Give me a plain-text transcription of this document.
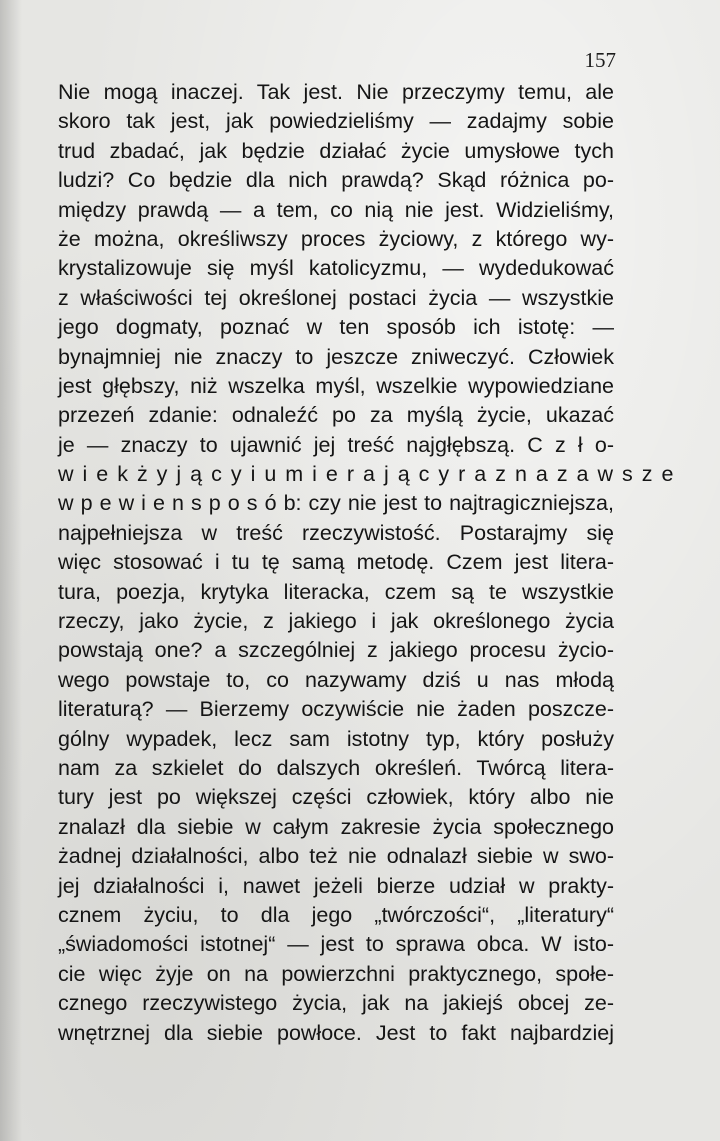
157

Nie mogą inaczej. Tak jest. Nie przeczymy temu, ale
skoro tak jest, jak powiedzieliśmy — zadajmy sobie
trud zbadać, jak będzie działać życie umysłowe tych
ludzi? Co będzie dla nich prawdą? Skąd różnica po-
między prawdą — a tem, co nią nie jest. Widzieliśmy,
że można, określiwszy proces życiowy, z którego wy-
krystalizowuje się myśl katolicyzmu, — wydedukować
z właściwości tej określonej postaci życia — wszystkie
jego dogmaty, poznać w ten sposób ich istotę: —
bynajmniej nie znaczy to jeszcze zniweczyć. Człowiek
jest głębszy, niż wszelka myśl, wszelkie wypowiedziane
przezeń zdanie: odnaleźć po za myślą życie, ukazać
je — znaczy to ujawnić jej treść najgłębszą. C z ł o-
w i e k ż y j ą c y i u m i e r a j ą c y r a z n a z a w s z e
w p e w i e n s p o s ó b: czy nie jest to najtragiczniejsza,
najpełniejsza w treść rzeczywistość. Postarajmy się
więc stosować i tu tę samą metodę. Czem jest litera-
tura, poezja, krytyka literacka, czem są te wszystkie
rzeczy, jako życie, z jakiego i jak określonego życia
powstają one? a szczególniej z jakiego procesu życio-
wego powstaje to, co nazywamy dziś u nas młodą
literaturą? — Bierzemy oczywiście nie żaden poszcze-
gólny wypadek, lecz sam istotny typ, który posłuży
nam za szkielet do dalszych określeń. Twórcą litera-
tury jest po większej części człowiek, który albo nie
znalazł dla siebie w całym zakresie życia społecznego
żadnej działalności, albo też nie odnalazł siebie w swo-
jej działalności i, nawet jeżeli bierze udział w prakty-
cznem życiu, to dla jego „twórczości“, „literatury“
„świadomości istotnej“ — jest to sprawa obca. W isto-
cie więc żyje on na powierzchni praktycznego, społe-
cznego rzeczywistego życia, jak na jakiejś obcej ze-
wnętrznej dla siebie powłoce. Jest to fakt najbardziej
